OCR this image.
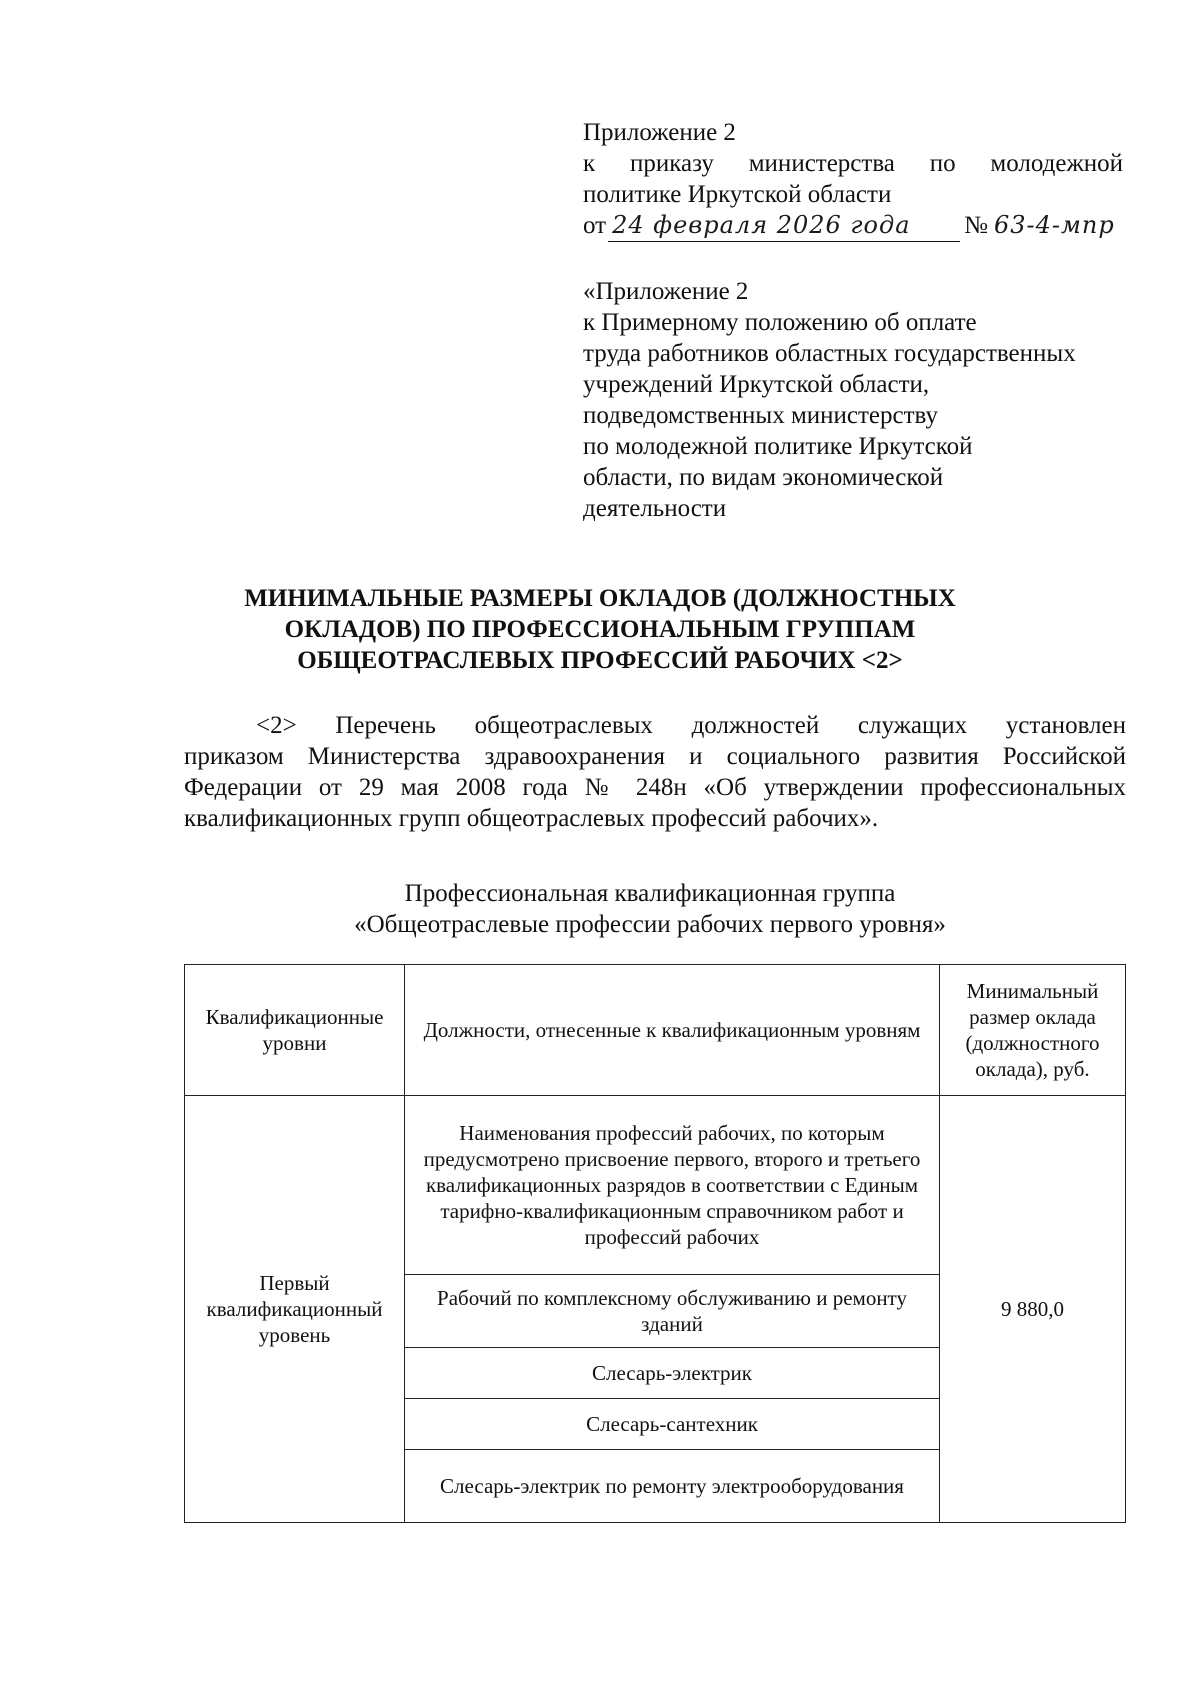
Приложение 2
к приказу министерства по молодежной
политике Иркутской области
от 24 февраля 2026 года	№ 63-4-мпр
«Приложение 2
к Примерному положению об оплате
труда работников областных государственных
учреждений Иркутской области,
подведомственных министерству
по молодежной политике Иркутской
области, по видам экономической
деятельности
МИНИМАЛЬНЫЕ РАЗМЕРЫ ОКЛАДОВ (ДОЛЖНОСТНЫХ
ОКЛАДОВ) ПО ПРОФЕССИОНАЛЬНЫМ ГРУППАМ
ОБЩЕОТРАСЛЕВЫХ ПРОФЕССИЙ РАБОЧИХ <2>
<2> Перечень общеотраслевых должностей служащих установлен
приказом Министерства здравоохранения и социального развития Российской
Федерации от 29 мая 2008 года № 248н «Об утверждении профессиональных
квалификационных групп общеотраслевых профессий рабочих».
Профессиональная квалификационная группа
«Общеотраслевые профессии рабочих первого уровня»
Квалификационные уровни	Должности, отнесенные к квалификационным уровням	Минимальный размер оклада (должностного оклада), руб.
Первый квалификационный уровень	Наименования профессий рабочих, по которым предусмотрено присвоение первого, второго и третьего квалификационных разрядов в соответствии с Единым тарифно-квалификационным справочником работ и профессий рабочих	9 880,0
	Рабочий по комплексному обслуживанию и ремонту зданий	
	Слесарь-электрик	
	Слесарь-сантехник	
	Слесарь-электрик по ремонту электрооборудования	
